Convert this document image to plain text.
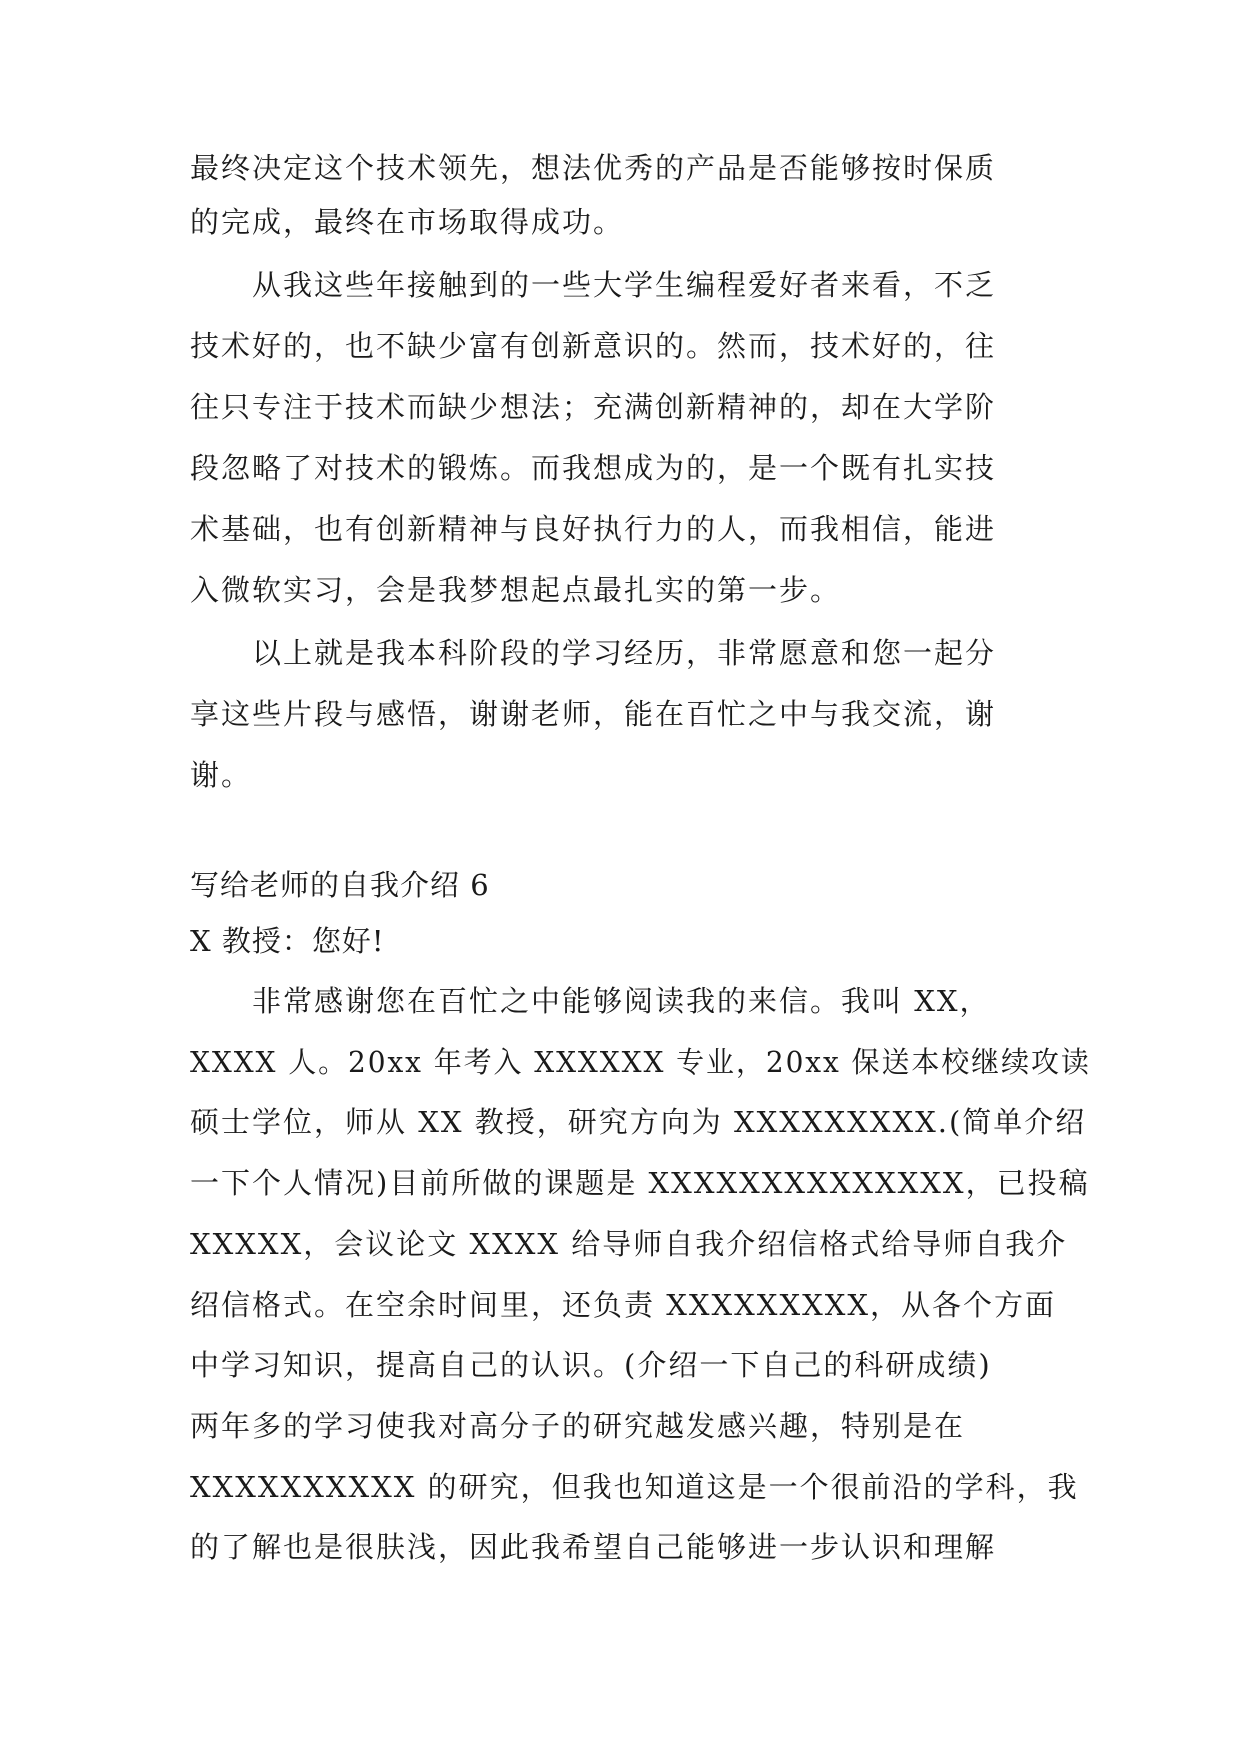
最终决定这个技术领先，想法优秀的产品是否能够按时保质
的完成，最终在市场取得成功。
　　从我这些年接触到的一些大学生编程爱好者来看，不乏
技术好的，也不缺少富有创新意识的。然而，技术好的，往
往只专注于技术而缺少想法；充满创新精神的，却在大学阶
段忽略了对技术的锻炼。而我想成为的，是一个既有扎实技
术基础，也有创新精神与良好执行力的人，而我相信，能进
入微软实习，会是我梦想起点最扎实的第一步。
　　以上就是我本科阶段的学习经历，非常愿意和您一起分
享这些片段与感悟，谢谢老师，能在百忙之中与我交流，谢
谢。
写给老师的自我介绍 6
X 教授：您好!
　　非常感谢您在百忙之中能够阅读我的来信。我叫 XX，
XXXX 人。20xx 年考入 XXXXXX 专业，20xx 保送本校继续攻读
硕士学位，师从 XX 教授，研究方向为 XXXXXXXXX.(简单介绍
一下个人情况)目前所做的课题是 XXXXXXXXXXXXXX，已投稿
XXXXX，会议论文 XXXX 给导师自我介绍信格式给导师自我介
绍信格式。在空余时间里，还负责 XXXXXXXXX，从各个方面
中学习知识，提高自己的认识。(介绍一下自己的科研成绩)
两年多的学习使我对高分子的研究越发感兴趣，特别是在
XXXXXXXXXX 的研究，但我也知道这是一个很前沿的学科，我
的了解也是很肤浅，因此我希望自己能够进一步认识和理解
